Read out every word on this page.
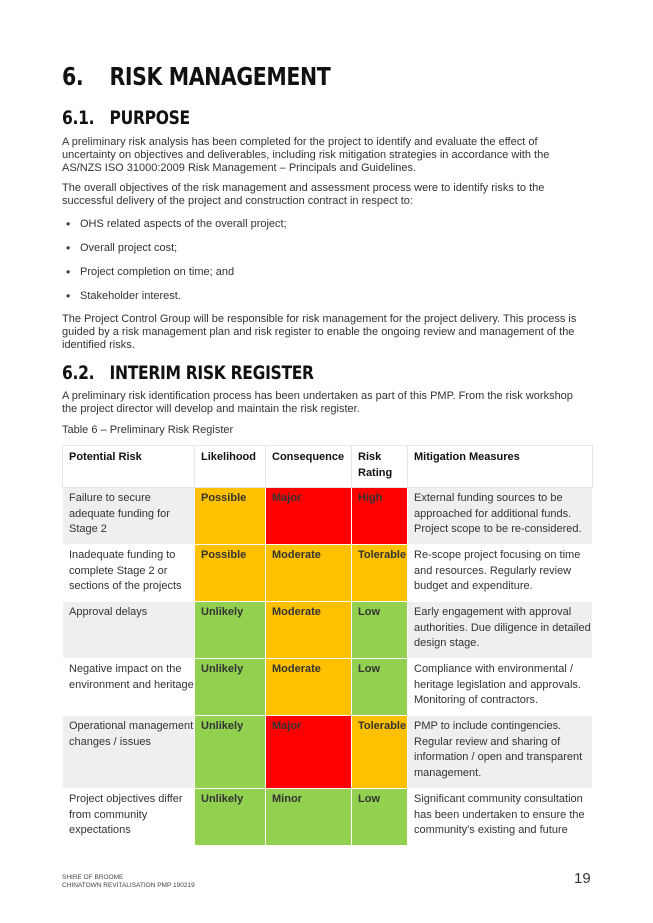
6. RISK MANAGEMENT
6.1. PURPOSE
A preliminary risk analysis has been completed for the project to identify and evaluate the effect of uncertainty on objectives and deliverables, including risk mitigation strategies in accordance with the AS/NZS ISO 31000:2009 Risk Management – Principals and Guidelines.
The overall objectives of the risk management and assessment process were to identify risks to the successful delivery of the project and construction contract in respect to:
• OHS related aspects of the overall project;
• Overall project cost;
• Project completion on time; and
• Stakeholder interest.
The Project Control Group will be responsible for risk management for the project delivery. This process is guided by a risk management plan and risk register to enable the ongoing review and management of the identified risks.
6.2. INTERIM RISK REGISTER
A preliminary risk identification process has been undertaken as part of this PMP. From the risk workshop the project director will develop and maintain the risk register.
Table 6 – Preliminary Risk Register
Potential Risk	Likelihood	Consequence	Risk Rating	Mitigation Measures
Failure to secure adequate funding for Stage 2	Possible	Major	High	External funding sources to be approached for additional funds. Project scope to be re-considered.
Inadequate funding to complete Stage 2 or sections of the projects	Possible	Moderate	Tolerable	Re-scope project focusing on time and resources. Regularly review budget and expenditure.
Approval delays	Unlikely	Moderate	Low	Early engagement with approval authorities. Due diligence in detailed design stage.
Negative impact on the environment and heritage	Unlikely	Moderate	Low	Compliance with environmental / heritage legislation and approvals. Monitoring of contractors.
Operational management changes / issues	Unlikely	Major	Tolerable	PMP to include contingencies. Regular review and sharing of information / open and transparent management.
Project objectives differ from community expectations	Unlikely	Minor	Low	Significant community consultation has been undertaken to ensure the community's existing and future
SHIRE OF BROOME
CHINATOWN REVITALISATION PMP 190219	19
